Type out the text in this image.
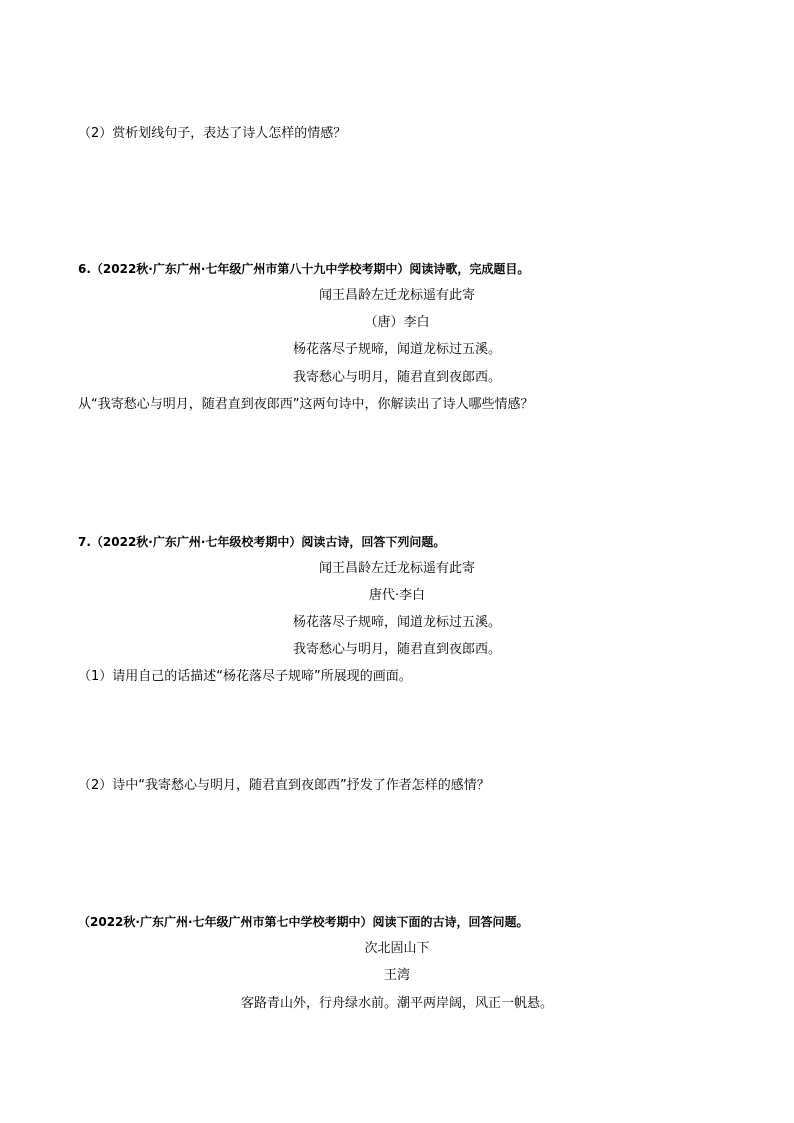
（2）赏析划线句子，表达了诗人怎样的情感？
6.（2022秋·广东广州·七年级广州市第八十九中学校考期中）阅读诗歌，完成题目。
闻王昌龄左迁龙标遥有此寄
（唐）李白
杨花落尽子规啼，闻道龙标过五溪。
我寄愁心与明月，随君直到夜郎西。
从“我寄愁心与明月，随君直到夜郎西”这两句诗中，你解读出了诗人哪些情感？
7.（2022秋·广东广州·七年级校考期中）阅读古诗，回答下列问题。
闻王昌龄左迁龙标遥有此寄
唐代·李白
杨花落尽子规啼，闻道龙标过五溪。
我寄愁心与明月，随君直到夜郎西。
（1）请用自己的话描述“杨花落尽子规啼”所展现的画面。
（2）诗中“我寄愁心与明月，随君直到夜郎西”抒发了作者怎样的感情？
（2022秋·广东广州·七年级广州市第七中学校考期中）阅读下面的古诗，回答问题。
次北固山下
王湾
客路青山外，行舟绿水前。潮平两岸阔，风正一帆悬。
